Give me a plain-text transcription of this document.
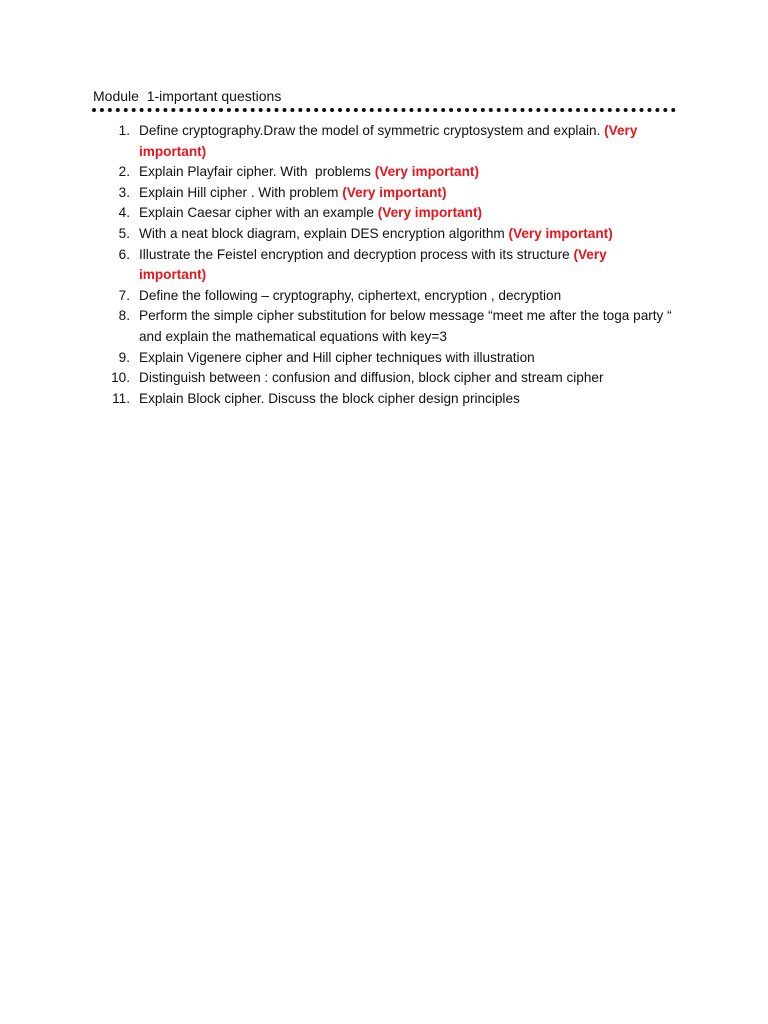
Module  1-important questions
1. Define cryptography.Draw the model of symmetric cryptosystem and explain. (Very important)
2. Explain Playfair cipher. With  problems (Very important)
3. Explain Hill cipher . With problem (Very important)
4. Explain Caesar cipher with an example (Very important)
5. With a neat block diagram, explain DES encryption algorithm (Very important)
6. Illustrate the Feistel encryption and decryption process with its structure (Very important)
7. Define the following – cryptography, ciphertext, encryption , decryption
8. Perform the simple cipher substitution for below message “meet me after the toga party “ and explain the mathematical equations with key=3
9. Explain Vigenere cipher and Hill cipher techniques with illustration
10. Distinguish between : confusion and diffusion, block cipher and stream cipher
11. Explain Block cipher. Discuss the block cipher design principles
